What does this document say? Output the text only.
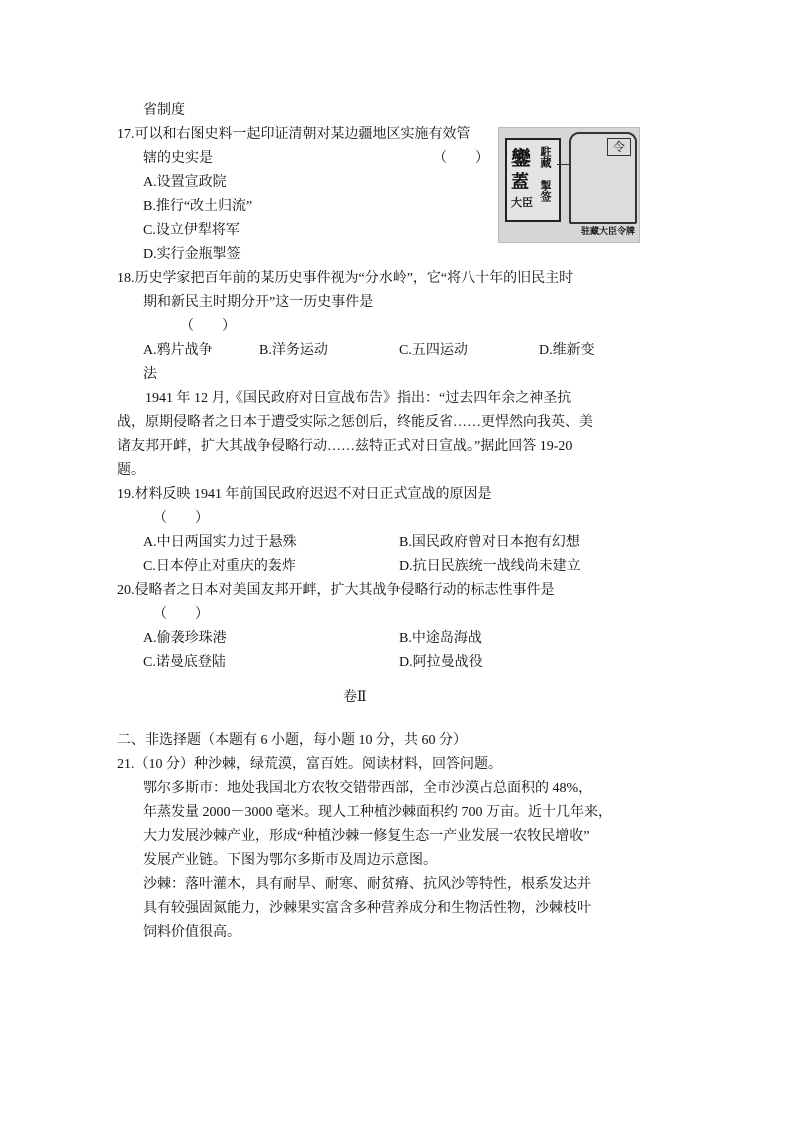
省制度
17.可以和右图史料一起印证清朝对某边疆地区实施有效管
辖的史实是	（　　）
A.设置宣政院
B.推行“改土归流”
C.设立伊犁将军
D.实行金瓶掣签
鑾
蓋
大臣
駐藏
掣签
令
驻藏大臣令牌
18.历史学家把百年前的某历史事件视为“分水岭”，它“将八十年的旧民主时
期和新民主时期分开”这一历史事件是
（　　）
A.鸦片战争	B.洋务运动	C.五四运动	D.维新变
法
1941 年 12 月,《国民政府对日宣战布告》指出：“过去四年余之神圣抗
战，原期侵略者之日本于遭受实际之惩创后，终能反省……更悍然向我英、美
诸友邦开衅，扩大其战争侵略行动……兹特正式对日宣战。”据此回答 19-20
题。
19.材料反映 1941 年前国民政府迟迟不对日正式宣战的原因是
（　　）
A.中日两国实力过于悬殊	B.国民政府曾对日本抱有幻想
C.日本停止对重庆的轰炸	D.抗日民族统一战线尚未建立
20.侵略者之日本对美国友邦开衅，扩大其战争侵略行动的标志性事件是
（　　）
A.偷袭珍珠港	B.中途岛海战
C.诺曼底登陆	D.阿拉曼战役
卷Ⅱ
二、非选择题（本题有 6 小题，每小题 10 分，共 60 分）
21.（10 分）种沙棘，绿荒漠，富百姓。阅读材料，回答问题。
鄂尔多斯市：地处我国北方农牧交错带西部，全市沙漠占总面积的 48%，
年蒸发量 2000－3000 毫米。现人工种植沙棘面积约 700 万亩。近十几年来，
大力发展沙棘产业，形成“种植沙棘一修复生态一产业发展一农牧民增收”
发展产业链。下图为鄂尔多斯市及周边示意图。
沙棘：落叶灌木，具有耐旱、耐寒、耐贫瘠、抗风沙等特性，根系发达并
具有较强固氮能力，沙棘果实富含多种营养成分和生物活性物，沙棘枝叶
饲料价值很高。
